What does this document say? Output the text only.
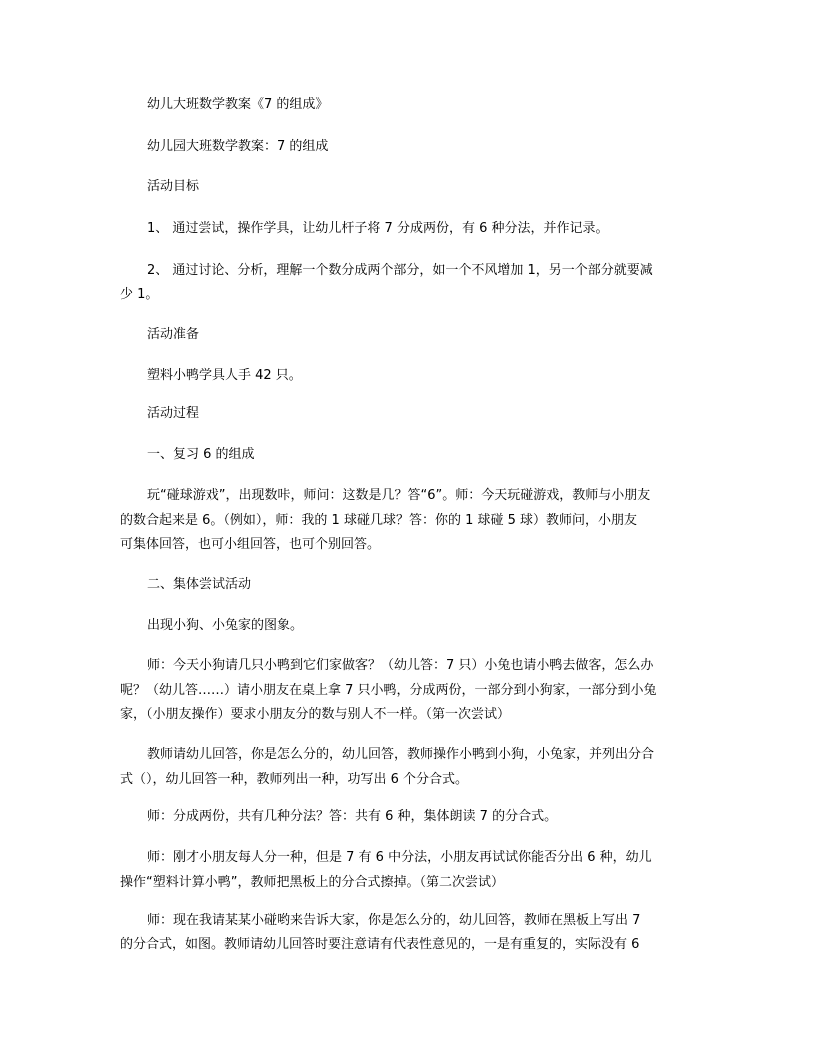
幼儿大班数学教案《7 的组成》
幼儿园大班数学教案：7 的组成
活动目标
1、 通过尝试，操作学具，让幼儿杆子将 7 分成两份，有 6 种分法，并作记录。
2、 通过讨论、分析，理解一个数分成两个部分，如一个不风增加 1，另一个部分就要减
少 1。
活动准备
塑料小鸭学具人手 42 只。
活动过程
一、复习 6 的组成
玩“碰球游戏”，出现数咔，师问：这数是几？答“6”。师：今天玩碰游戏，教师与小朋友
的数合起来是 6。（例如），师：我的 1 球碰几球？答：你的 1 球碰 5 球）教师问，小朋友
可集体回答，也可小组回答，也可个别回答。
二、集体尝试活动
出现小狗、小兔家的图象。
师：今天小狗请几只小鸭到它们家做客？（幼儿答：7 只）小兔也请小鸭去做客，怎么办
呢？（幼儿答……）请小朋友在桌上拿 7 只小鸭，分成两份，一部分到小狗家，一部分到小兔
家，（小朋友操作）要求小朋友分的数与别人不一样。（第一次尝试）
教师请幼儿回答，你是怎么分的，幼儿回答，教师操作小鸭到小狗，小兔家，并列出分合
式（），幼儿回答一种，教师列出一种，功写出 6 个分合式。
师：分成两份，共有几种分法？答：共有 6 种，集体朗读 7 的分合式。
师：刚才小朋友每人分一种，但是 7 有 6 中分法，小朋友再试试你能否分出 6 种，幼儿
操作“塑料计算小鸭”，教师把黑板上的分合式擦掉。（第二次尝试）
师：现在我请某某小碰哟来告诉大家，你是怎么分的，幼儿回答，教师在黑板上写出 7
的分合式，如图。教师请幼儿回答时要注意请有代表性意见的，一是有重复的，实际没有 6
